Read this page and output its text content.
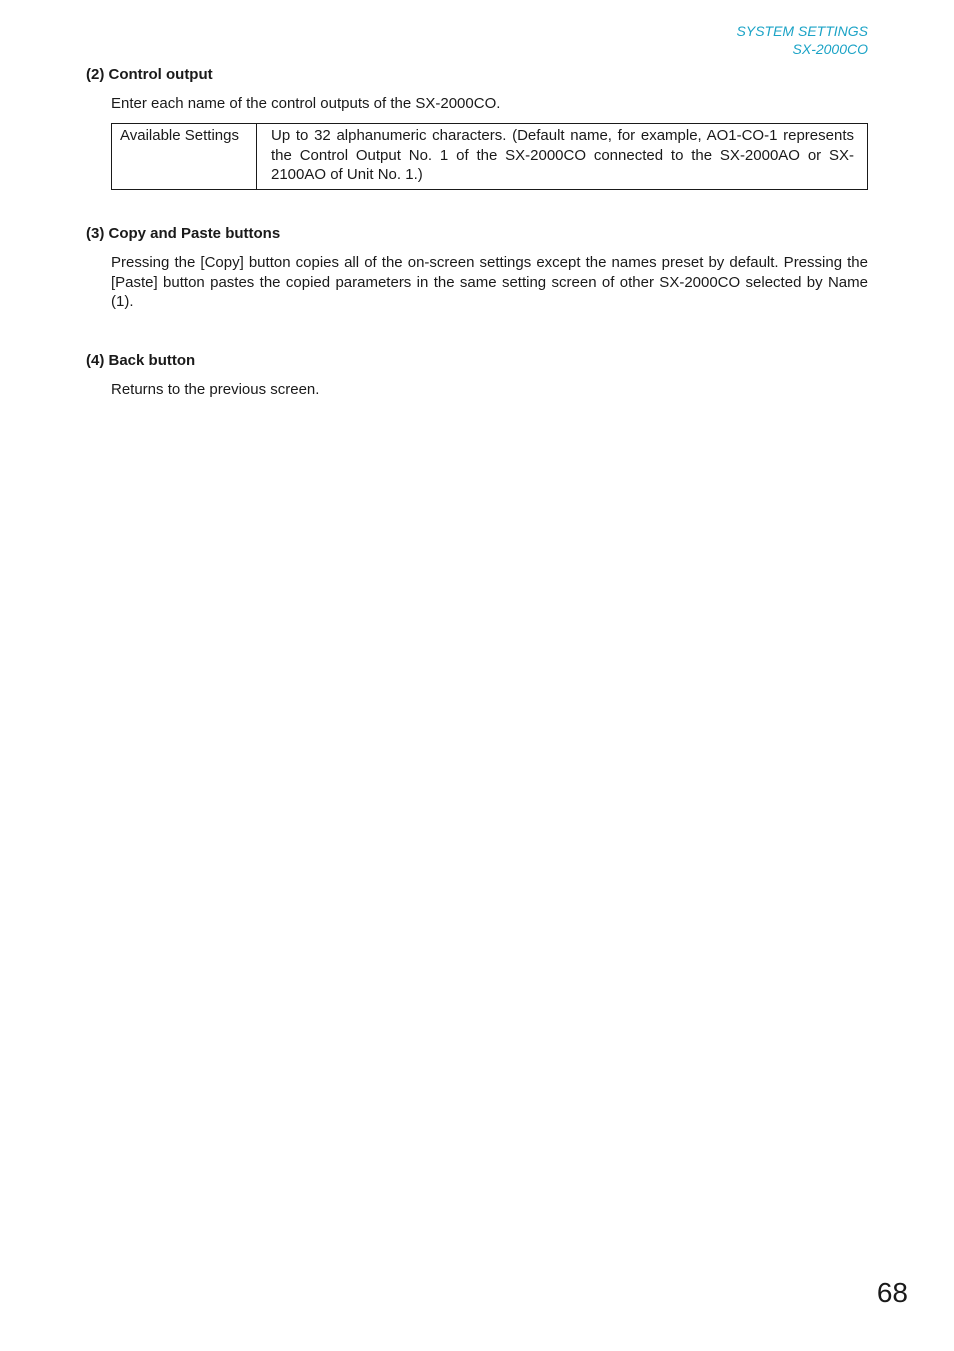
SYSTEM SETTINGS
SX-2000CO
(2) Control output
Enter each name of the control outputs of the SX-2000CO.
Available Settings	Up to 32 alphanumeric characters. (Default name, for example, AO1-CO-1 represents the Control Output No. 1 of the SX-2000CO connected to the SX-2000AO or SX-2100AO of Unit No. 1.)
(3) Copy and Paste buttons
Pressing the [Copy] button copies all of the on-screen settings except the names preset by default. Pressing the [Paste] button pastes the copied parameters in the same setting screen of other SX-2000CO selected by Name (1).
(4) Back button
Returns to the previous screen.
68
